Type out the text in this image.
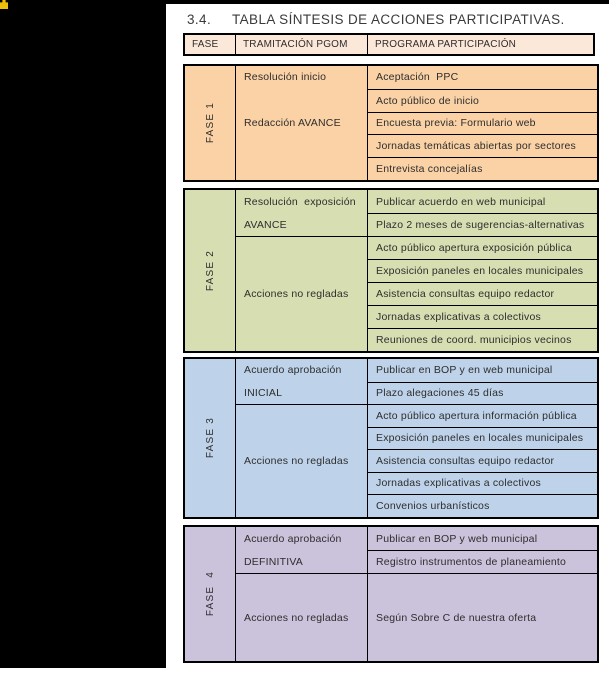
3.4. TABLA SÍNTESIS DE ACCIONES PARTICIPATIVAS.
FASE	TRAMITACIÓN PGOM	PROGRAMA PARTICIPACIÓN
FASE 1
Resolución inicio
Redacción AVANCE
Aceptación  PPC
Acto público de inicio
Encuesta previa: Formulario web
Jornadas temáticas abiertas por sectores
Entrevista concejalías
FASE 2
Resolución  exposición
AVANCE
Acciones no regladas
Publicar acuerdo en web municipal
Plazo 2 meses de sugerencias-alternativas
Acto público apertura exposición pública
Exposición paneles en locales municipales
Asistencia consultas equipo redactor
Jornadas explicativas a colectivos
Reuniones de coord. municipios vecinos
FASE 3
Acuerdo aprobación
INICIAL
Acciones no regladas
Publicar en BOP y en web municipal
Plazo alegaciones 45 días
Acto público apertura información pública
Exposición paneles en locales municipales
Asistencia consultas equipo redactor
Jornadas explicativas a colectivos
Convenios urbanísticos
FASE  4
Acuerdo aprobación
DEFINITIVA
Acciones no regladas
Publicar en BOP y web municipal
Registro instrumentos de planeamiento
Según Sobre C de nuestra oferta
